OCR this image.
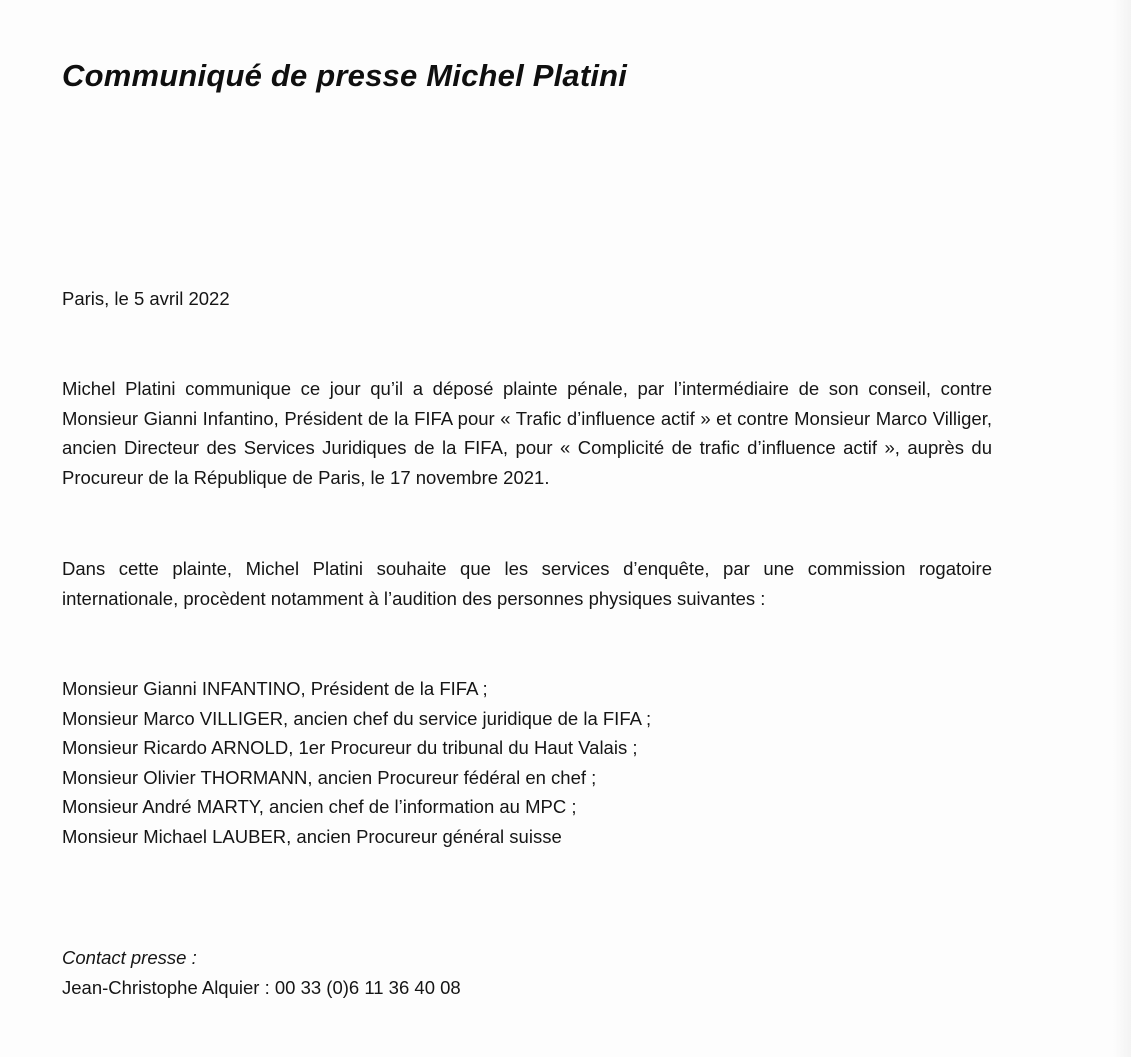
Communiqué de presse Michel Platini
Paris, le 5 avril 2022
Michel Platini communique ce jour qu’il a déposé plainte pénale, par l’intermédiaire de son conseil, contre Monsieur Gianni Infantino, Président de la FIFA pour « Trafic d’influence actif » et contre Monsieur Marco Villiger, ancien Directeur des Services Juridiques de la FIFA, pour « Complicité de trafic d’influence actif », auprès du Procureur de la République de Paris, le 17 novembre 2021.
Dans cette plainte, Michel Platini souhaite que les services d’enquête, par une commission rogatoire internationale, procèdent notamment à l’audition des personnes physiques suivantes :
Monsieur Gianni INFANTINO, Président de la FIFA ;
Monsieur Marco VILLIGER, ancien chef du service juridique de la FIFA ;
Monsieur Ricardo ARNOLD, 1er Procureur du tribunal du Haut Valais ;
Monsieur Olivier THORMANN, ancien Procureur fédéral en chef ;
Monsieur André MARTY, ancien chef de l’information au MPC ;
Monsieur Michael LAUBER, ancien Procureur général suisse
Contact presse :
Jean-Christophe Alquier : 00 33 (0)6 11 36 40 08
